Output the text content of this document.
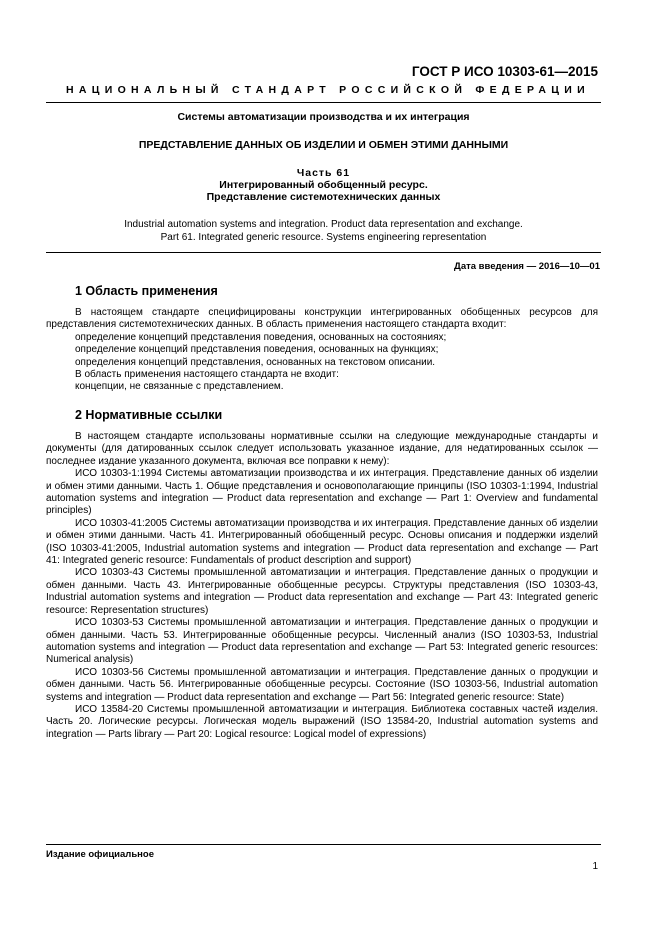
ГОСТ Р ИСО 10303-61—2015

НАЦИОНАЛЬНЫЙ СТАНДАРТ РОССИЙСКОЙ ФЕДЕРАЦИИ

Системы автоматизации производства и их интеграция

ПРЕДСТАВЛЕНИЕ ДАННЫХ ОБ ИЗДЕЛИИ И ОБМЕН ЭТИМИ ДАННЫМИ

Часть 61

Интегрированный обобщенный ресурс.

Представление системотехнических данных

Industrial automation systems and integration. Product data representation and exchange.

Part 61. Integrated generic resource. Systems engineering representation

Дата введения — 2016—10—01

1 Область применения

В настоящем стандарте специфицированы конструкции интегрированных обобщенных ресурсов для представления системотехнических данных. В область применения настоящего стандарта входит:

определение концепций представления поведения, основанных на состояниях;

определение концепций представления поведения, основанных на функциях;

определения концепций представления, основанных на текстовом описании.

В область применения настоящего стандарта не входит:

концепции, не связанные с представлением.

2 Нормативные ссылки

В настоящем стандарте использованы нормативные ссылки на следующие международные стандарты и документы (для датированных ссылок следует использовать указанное издание, для недатированных ссылок — последнее издание указанного документа, включая все поправки к нему):

ИСО 10303-1:1994 Системы автоматизации производства и их интеграция. Представление данных об изделии и обмен этими данными. Часть 1. Общие представления и основополагающие принципы (ISO 10303-1:1994, Industrial automation systems and integration — Product data representation and exchange — Part 1: Overview and fundamental principles)

ИСО 10303-41:2005 Системы автоматизации производства и их интеграция. Представление данных об изделии и обмен этими данными. Часть 41. Интегрированный обобщенный ресурс. Основы описания и поддержки изделий (ISO 10303-41:2005, Industrial automation systems and integration — Product data representation and exchange — Part 41: Integrated generic resource: Fundamentals of product description and support)

ИСО 10303-43 Системы промышленной автоматизации и интеграция. Представление данных о продукции и обмен данными. Часть 43. Интегрированные обобщенные ресурсы. Структуры представления (ISO 10303-43, Industrial automation systems and integration — Product data representation and exchange — Part 43: Integrated generic resource: Representation structures)

ИСО 10303-53 Системы промышленной автоматизации и интеграция. Представление данных о продукции и обмен данными. Часть 53. Интегрированные обобщенные ресурсы. Численный анализ (ISO 10303-53, Industrial automation systems and integration — Product data representation and exchange — Part 53: Integrated generic resources: Numerical analysis)

ИСО 10303-56 Системы промышленной автоматизации и интеграция. Представление данных о продукции и обмен данными. Часть 56. Интегрированные обобщенные ресурсы. Состояние (ISO 10303-56, Industrial automation systems and integration — Product data representation and exchange — Part 56: Integrated generic resource: State)

ИСО 13584-20 Системы промышленной автоматизации и интеграция. Библиотека составных частей изделия. Часть 20. Логические ресурсы. Логическая модель выражений (ISO 13584-20, Industrial automation systems and integration — Parts library — Part 20: Logical resource: Logical model of expressions)

Издание официальное

1
